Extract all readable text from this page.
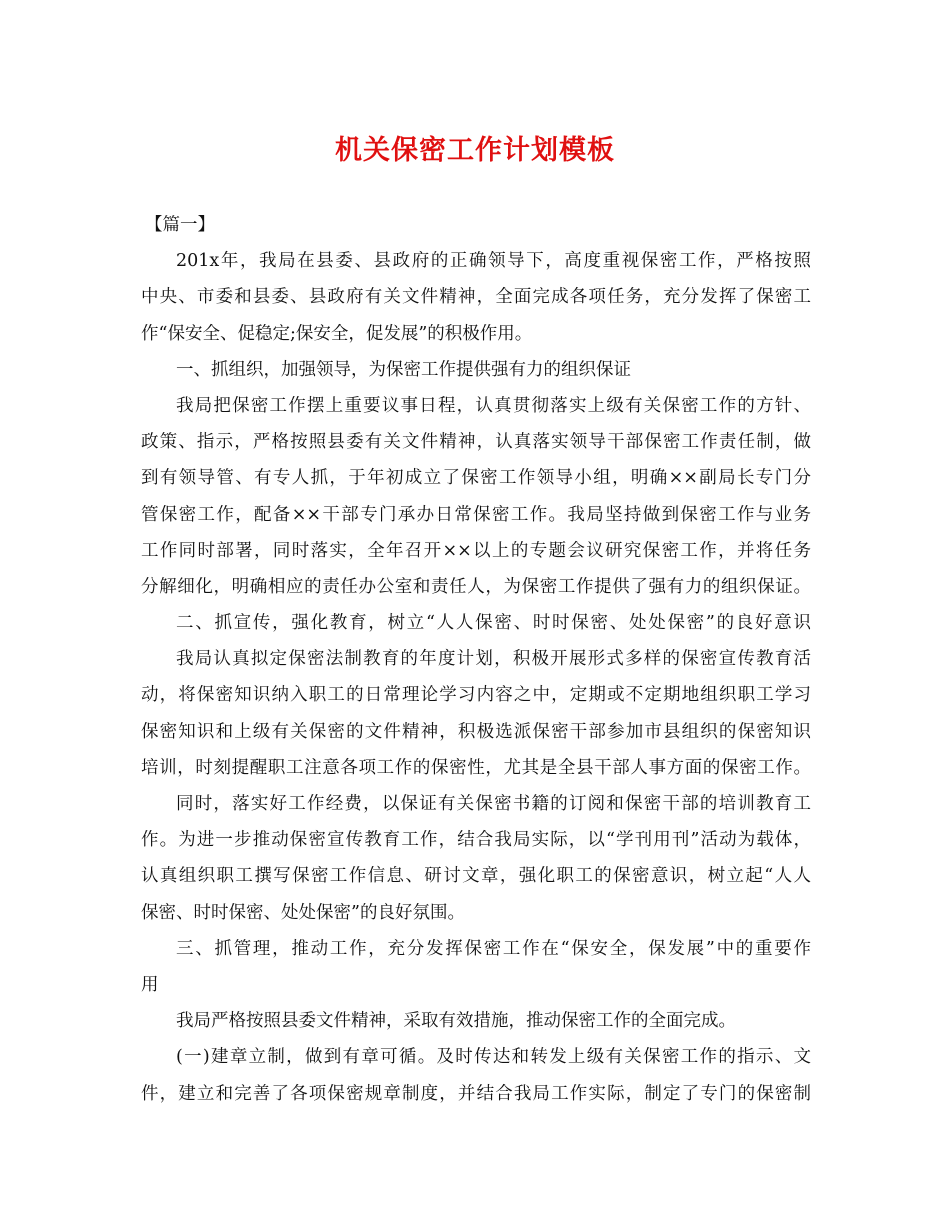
机关保密工作计划模板
【篇一】
201x年，我局在县委、县政府的正确领导下，高度重视保密工作，严格按照
中央、市委和县委、县政府有关文件精神，全面完成各项任务，充分发挥了保密工
作“保安全、促稳定;保安全，促发展”的积极作用。
一、抓组织，加强领导，为保密工作提供强有力的组织保证
我局把保密工作摆上重要议事日程，认真贯彻落实上级有关保密工作的方针、
政策、指示，严格按照县委有关文件精神，认真落实领导干部保密工作责任制，做
到有领导管、有专人抓，于年初成立了保密工作领导小组，明确××副局长专门分
管保密工作，配备××干部专门承办日常保密工作。我局坚持做到保密工作与业务
工作同时部署，同时落实，全年召开××以上的专题会议研究保密工作，并将任务
分解细化，明确相应的责任办公室和责任人，为保密工作提供了强有力的组织保证。
二、抓宣传，强化教育，树立“人人保密、时时保密、处处保密”的良好意识
我局认真拟定保密法制教育的年度计划，积极开展形式多样的保密宣传教育活
动，将保密知识纳入职工的日常理论学习内容之中，定期或不定期地组织职工学习
保密知识和上级有关保密的文件精神，积极选派保密干部参加市县组织的保密知识
培训，时刻提醒职工注意各项工作的保密性，尤其是全县干部人事方面的保密工作。
同时，落实好工作经费，以保证有关保密书籍的订阅和保密干部的培训教育工
作。为进一步推动保密宣传教育工作，结合我局实际，以“学刊用刊”活动为载体，
认真组织职工撰写保密工作信息、研讨文章，强化职工的保密意识，树立起“人人
保密、时时保密、处处保密”的良好氛围。
三、抓管理，推动工作，充分发挥保密工作在“保安全，保发展”中的重要作
用
我局严格按照县委文件精神，采取有效措施，推动保密工作的全面完成。
(一)建章立制，做到有章可循。及时传达和转发上级有关保密工作的指示、文
件，建立和完善了各项保密规章制度，并结合我局工作实际，制定了专门的保密制
